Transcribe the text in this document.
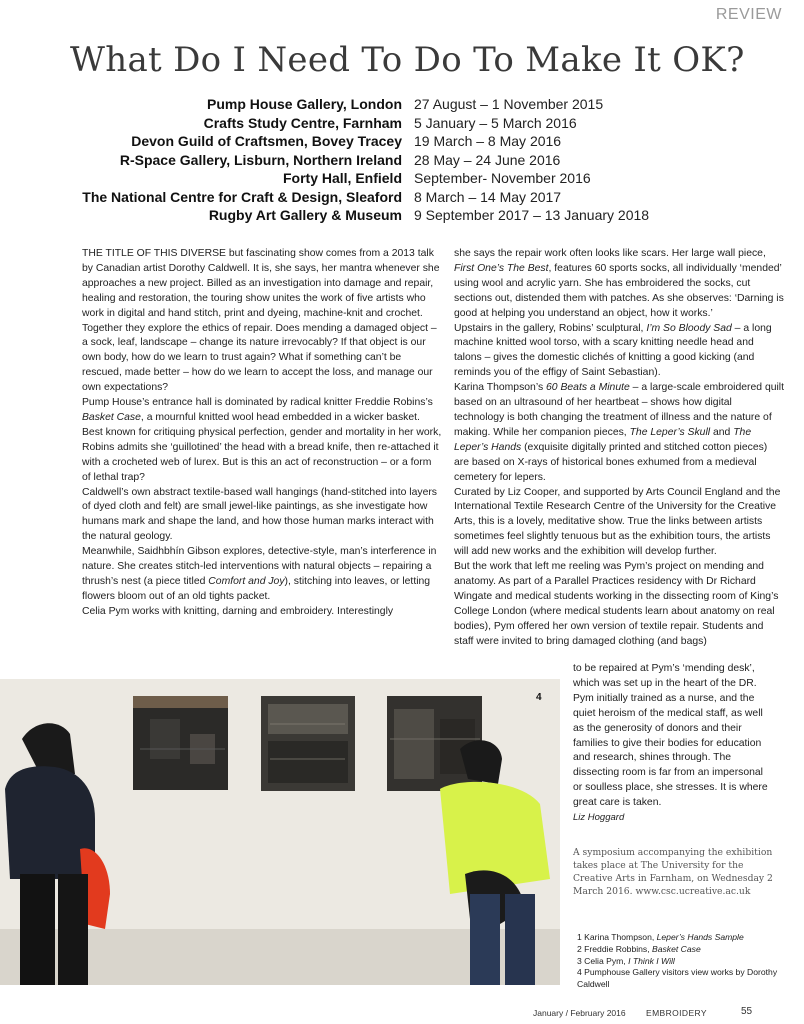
REVIEW
What Do I Need To Do To Make It OK?
Pump House Gallery, London 27 August – 1 November 2015
Crafts Study Centre, Farnham 5 January – 5 March 2016
Devon Guild of Craftsmen, Bovey Tracey 19 March – 8 May 2016
R-Space Gallery, Lisburn, Northern Ireland 28 May – 24 June 2016
Forty Hall, Enfield September- November 2016
The National Centre for Craft & Design, Sleaford 8 March – 14 May 2017
Rugby Art Gallery & Museum 9 September 2017 – 13 January 2018

THE TITLE OF THIS DIVERSE but fascinating show comes from a 2013 talk by Canadian artist Dorothy Caldwell. It is, she says, her mantra whenever she approaches a new project. Billed as an investigation into damage and repair, healing and restoration, the touring show unites the work of five artists who work in digital and hand stitch, print and dyeing, machine-knit and crochet.

Together they explore the ethics of repair. Does mending a damaged object – a sock, leaf, landscape – change its nature irrevocably? If that object is our own body, how do we learn to trust again? What if something can’t be rescued, made better – how do we learn to accept the loss, and manage our own expectations?

Pump House’s entrance hall is dominated by radical knitter Freddie Robins’s Basket Case, a mournful knitted wool head embedded in a wicker basket. Best known for critiquing physical perfection, gender and mortality in her work, Robins admits she ‘guillotined’ the head with a bread knife, then re-attached it with a crocheted web of lurex. But is this an act of reconstruction – or a form of lethal trap?

Caldwell’s own abstract textile-based wall hangings (hand-stitched into layers of dyed cloth and felt) are small jewel-like paintings, as she investigate how humans mark and shape the land, and how those human marks interact with the natural geology.

Meanwhile, Saidhbhín Gibson explores, detective-style, man’s interference in nature. She creates stitch-led interventions with natural objects – repairing a thrush’s nest (a piece titled Comfort and Joy), stitching into leaves, or letting flowers bloom out of an old tights packet.

Celia Pym works with knitting, darning and embroidery. Interestingly

she says the repair work often looks like scars. Her large wall piece, First One’s The Best, features 60 sports socks, all individually ‘mended’ using wool and acrylic yarn. She has embroidered the socks, cut sections out, distended them with patches. As she observes: ‘Darning is good at helping you understand an object, how it works.’

Upstairs in the gallery, Robins’ sculptural, I’m So Bloody Sad – a long machine knitted wool torso, with a scary knitting needle head and talons – gives the domestic clichés of knitting a good kicking (and reminds you of the effigy of Saint Sebastian).

Karina Thompson’s 60 Beats a Minute – a large-scale embroidered quilt based on an ultrasound of her heartbeat – shows how digital technology is both changing the treatment of illness and the nature of making. While her companion pieces, The Leper’s Skull and The Leper’s Hands (exquisite digitally printed and stitched cotton pieces) are based on X-rays of historical bones exhumed from a medieval cemetery for lepers.

Curated by Liz Cooper, and supported by Arts Council England and the International Textile Research Centre of the University for the Creative Arts, this is a lovely, meditative show. True the links between artists sometimes feel slightly tenuous but as the exhibition tours, the artists will add new works and the exhibition will develop further.

But the work that left me reeling was Pym’s project on mending and anatomy. As part of a Parallel Practices residency with Dr Richard Wingate and medical students working in the dissecting room of King’s College London (where medical students learn about anatomy on real bodies), Pym offered her own version of textile repair. Students and staff were invited to bring damaged clothing (and bags)

to be repaired at Pym’s ‘mending desk’, which was set up in the heart of the DR. Pym initially trained as a nurse, and the quiet heroism of the medical staff, as well as the generosity of donors and their families to give their bodies for education and research, shines through. The dissecting room is far from an impersonal or soulless place, she stresses. It is where great care is taken.

Liz Hoggard

4
A symposium accompanying the exhibition takes place at The University for the Creative Arts in Farnham, on Wednesday 2 March 2016. www.csc.ucreative.ac.uk
1 Karina Thompson, Leper’s Hands Sample
2 Freddie Robbins, Basket Case
3 Celia Pym, I Think I Will
4 Pumphouse Gallery visitors view works by Dorothy Caldwell
January / February 2016 EMBROIDERY	55
